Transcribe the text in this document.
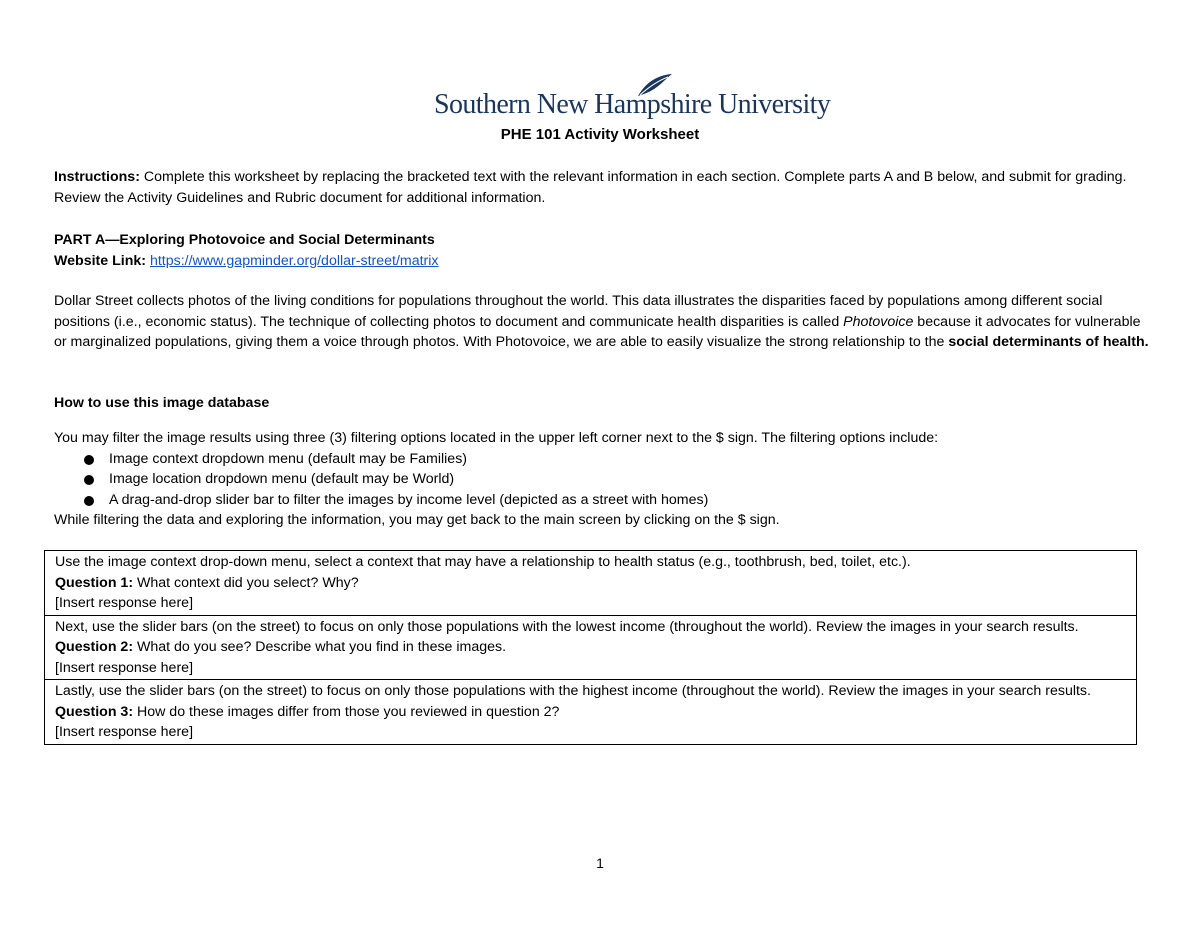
Southern New Hampshire University
PHE 101 Activity Worksheet
Instructions: Complete this worksheet by replacing the bracketed text with the relevant information in each section. Complete parts A and B below, and submit for grading. Review the Activity Guidelines and Rubric document for additional information.
PART A—Exploring Photovoice and Social Determinants
Website Link: https://www.gapminder.org/dollar-street/matrix
Dollar Street collects photos of the living conditions for populations throughout the world. This data illustrates the disparities faced by populations among different social positions (i.e., economic status). The technique of collecting photos to document and communicate health disparities is called Photovoice because it advocates for vulnerable or marginalized populations, giving them a voice through photos. With Photovoice, we are able to easily visualize the strong relationship to the social determinants of health.
How to use this image database
You may filter the image results using three (3) filtering options located in the upper left corner next to the $ sign. The filtering options include:
Image context dropdown menu (default may be Families)
Image location dropdown menu (default may be World)
A drag-and-drop slider bar to filter the images by income level (depicted as a street with homes)
While filtering the data and exploring the information, you may get back to the main screen by clicking on the $ sign.
Use the image context drop-down menu, select a context that may have a relationship to health status (e.g., toothbrush, bed, toilet, etc.).
Question 1: What context did you select? Why?
[Insert response here]

Next, use the slider bars (on the street) to focus on only those populations with the lowest income (throughout the world). Review the images in your search results.
Question 2: What do you see? Describe what you find in these images.
[Insert response here]

Lastly, use the slider bars (on the street) to focus on only those populations with the highest income (throughout the world). Review the images in your search results.
Question 3: How do these images differ from those you reviewed in question 2?
[Insert response here]
1
